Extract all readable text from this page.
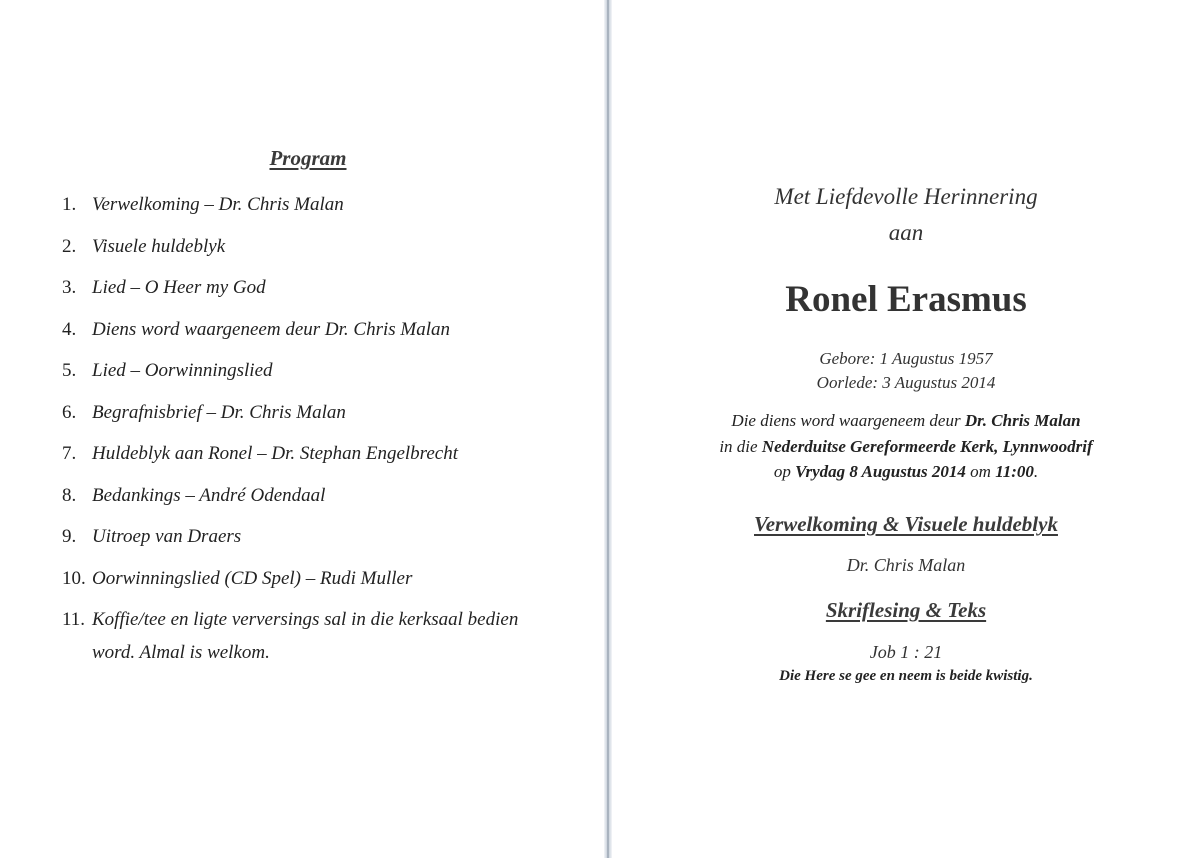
Program
1. Verwelkoming – Dr. Chris Malan
2. Visuele huldeblyk
3. Lied – O Heer my God
4. Diens word waargeneem deur Dr. Chris Malan
5. Lied – Oorwinningslied
6. Begrafnisbrief – Dr. Chris Malan
7. Huldeblyk aan Ronel – Dr. Stephan Engelbrecht
8. Bedankings – André Odendaal
9. Uitroep van Draers
10. Oorwinningslied (CD Spel) – Rudi Muller
11. Koffie/tee en ligte verversings sal in die kerksaal bedien
word. Almal is welkom.
Met Liefdevolle Herinnering
aan
Ronel Erasmus
Gebore: 1 Augustus 1957
Oorlede: 3 Augustus 2014
Die diens word waargeneem deur Dr. Chris Malan
in die Nederduitse Gereformeerde Kerk, Lynnwoodrif
op Vrydag 8 Augustus 2014 om 11:00.
Verwelkoming & Visuele huldeblyk
Dr. Chris Malan
Skriflesing & Teks
Job 1 : 21
Die Here se gee en neem is beide kwistig.
